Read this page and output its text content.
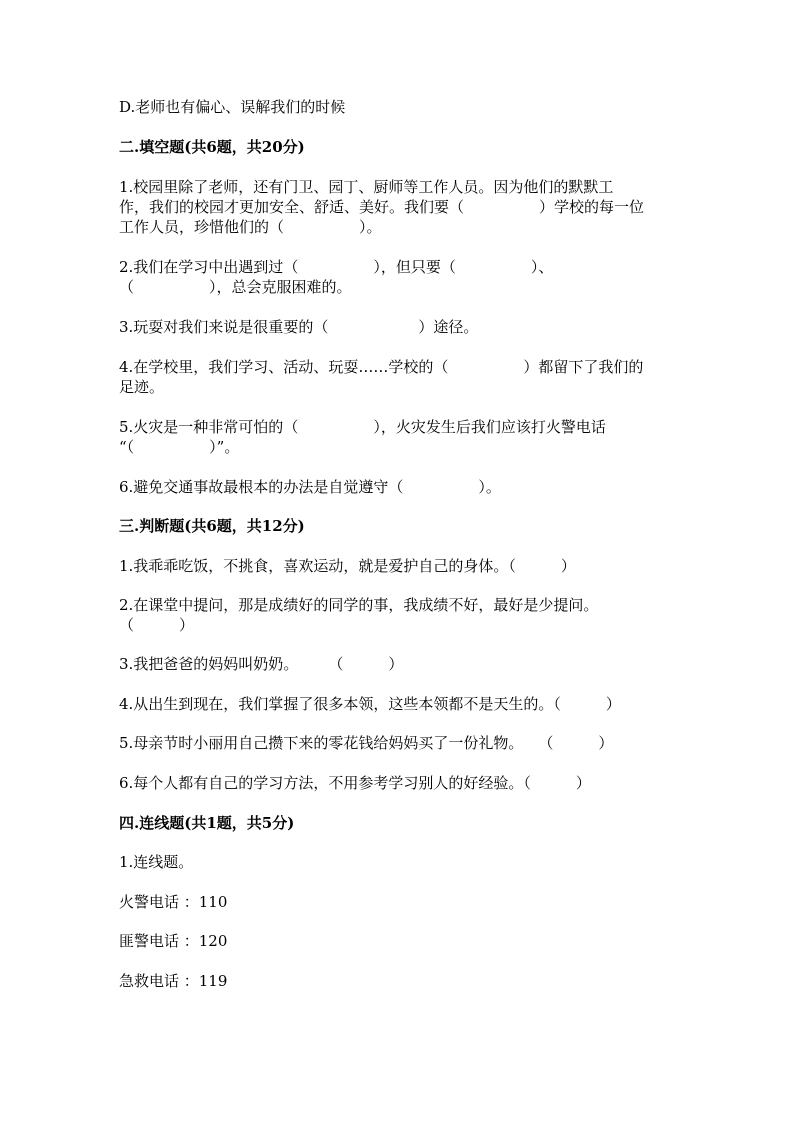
D.老师也有偏心、误解我们的时候
二.填空题(共6题，共20分)
1.校园里除了老师，还有门卫、园丁、厨师等工作人员。因为他们的默默工
作，我们的校园才更加安全、舒适、美好。我们要（　　　　　）学校的每一位
工作人员，珍惜他们的（　　　　　）。
2.我们在学习中出遇到过（　　　　　），但只要（　　　　　）、
（　　　　　），总会克服困难的。
3.玩耍对我们来说是很重要的（　　　　　　）途径。
4.在学校里，我们学习、活动、玩耍……学校的（　　　　　）都留下了我们的
足迹。
5.火灾是一种非常可怕的（　　　　　），火灾发生后我们应该打火警电话
“（　　　　　）”。
6.避免交通事故最根本的办法是自觉遵守（　　　　　）。
三.判断题(共6题，共12分)
1.我乖乖吃饭，不挑食，喜欢运动，就是爱护自己的身体。（　　　）
2.在课堂中提问，那是成绩好的同学的事，我成绩不好，最好是少提问。
（　　　）
3.我把爸爸的妈妈叫奶奶。　　　（　　　）
4.从出生到现在，我们掌握了很多本领，这些本领都不是天生的。（　　　）
5.母亲节时小丽用自己攒下来的零花钱给妈妈买了一份礼物。　　（　　　）
6.每个人都有自己的学习方法，不用参考学习别人的好经验。（　　　）
四.连线题(共1题，共5分)
1.连线题。
火警电话 ：110
匪警电话 ：120
急救电话 ：119
